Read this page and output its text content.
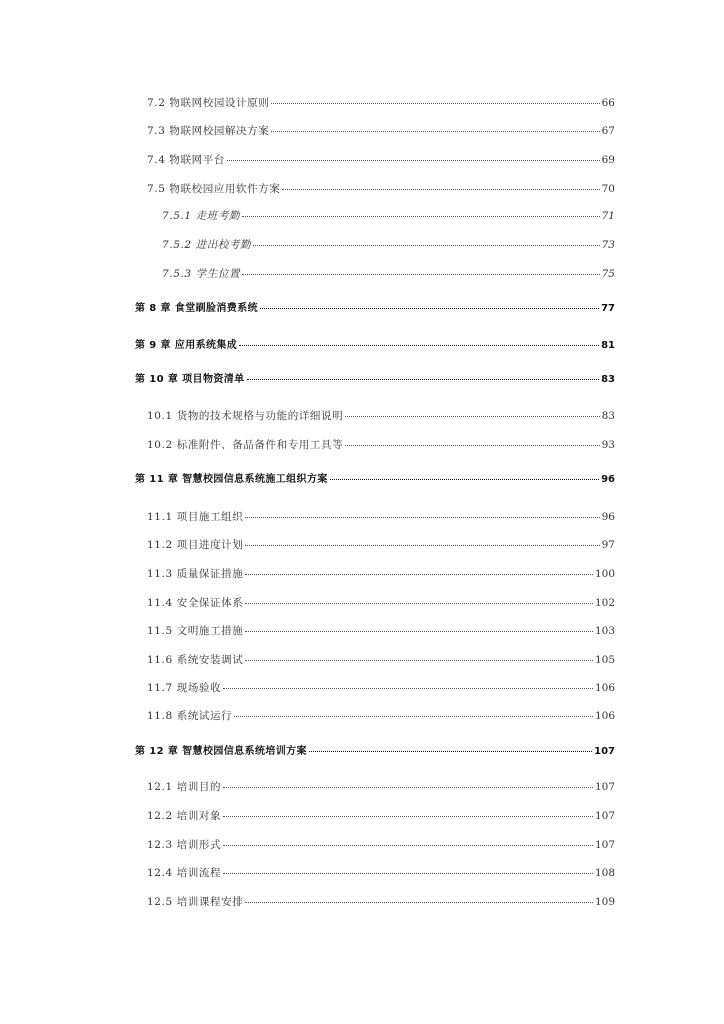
7.2 物联网校园设计原则	66
7.3 物联网校园解决方案	67
7.4 物联网平台	69
7.5 物联校园应用软件方案	70
7.5.1 走班考勤	71
7.5.2 进出校考勤	73
7.5.3 学生位置	75
第 8 章 食堂刷脸消费系统	77
第 9 章 应用系统集成	81
第 10 章 项目物资清单	83
10.1 货物的技术规格与功能的详细说明	83
10.2 标准附件、备品备件和专用工具等	93
第 11 章 智慧校园信息系统施工组织方案	96
11.1 项目施工组织	96
11.2 项目进度计划	97
11.3 质量保证措施	100
11.4 安全保证体系	102
11.5 文明施工措施	103
11.6 系统安装调试	105
11.7 现场验收	106
11.8 系统试运行	106
第 12 章 智慧校园信息系统培训方案	107
12.1 培训目的	107
12.2 培训对象	107
12.3 培训形式	107
12.4 培训流程	108
12.5 培训课程安排	109
